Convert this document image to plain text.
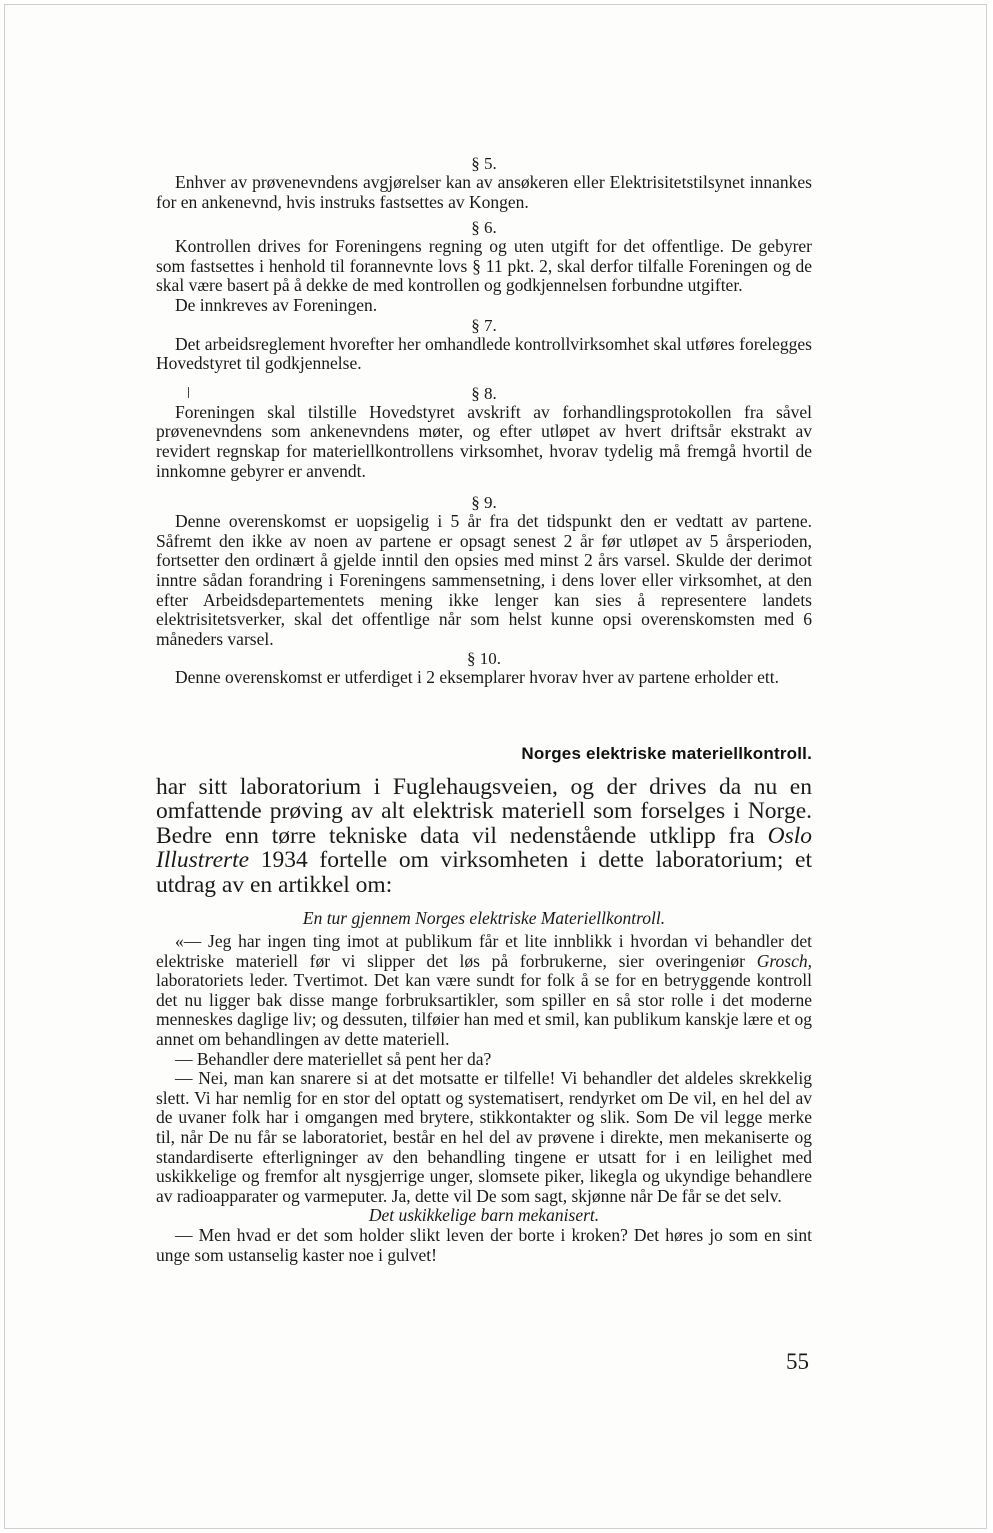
§ 5.

Enhver av prøvenevndens avgjørelser kan av ansøkeren eller Elektrisitetstilsynet innankes for en ankenevnd, hvis instruks fastsettes av Kongen.

§ 6.

Kontrollen drives for Foreningens regning og uten utgift for det offentlige. De gebyrer som fastsettes i henhold til forannevnte lovs § 11 pkt. 2, skal derfor tilfalle Foreningen og de skal være basert på å dekke de med kontrollen og godkjennelsen forbundne utgifter.

De innkreves av Foreningen.

§ 7.

Det arbeidsreglement hvorefter her omhandlede kontrollvirksomhet skal utføres forelegges Hovedstyret til godkjennelse.

§ 8.

Foreningen skal tilstille Hovedstyret avskrift av forhandlingsprotokollen fra såvel prøvenevndens som ankenevndens møter, og efter utløpet av hvert driftsår ekstrakt av revidert regnskap for materiellkontrollens virksomhet, hvorav tydelig må fremgå hvortil de innkomne gebyrer er anvendt.

§ 9.

Denne overenskomst er uopsigelig i 5 år fra det tidspunkt den er vedtatt av partene. Såfremt den ikke av noen av partene er opsagt senest 2 år før utløpet av 5 årsperioden, fortsetter den ordinært å gjelde inntil den opsies med minst 2 års varsel. Skulde der derimot inntre sådan forandring i Foreningens sammensetning, i dens lover eller virksomhet, at den efter Arbeidsdepartementets mening ikke lenger kan sies å representere landets elektrisitetsverker, skal det offentlige når som helst kunne opsi overenskomsten med 6 måneders varsel.

§ 10.

Denne overenskomst er utferdiget i 2 eksemplarer hvorav hver av partene erholder ett.

Norges elektriske materiellkontroll.

har sitt laboratorium i Fuglehaugsveien, og der drives da nu en omfattende prøving av alt elektrisk materiell som forselges i Norge. Bedre enn tørre tekniske data vil nedenstående utklipp fra Oslo Illustrerte 1934 fortelle om virksomheten i dette laboratorium; et utdrag av en artikkel om:

En tur gjennem Norges elektriske Materiellkontroll.

«— Jeg har ingen ting imot at publikum får et lite innblikk i hvordan vi behandler det elektriske materiell før vi slipper det løs på forbrukerne, sier overingeniør Grosch, laboratoriets leder. Tvertimot. Det kan være sundt for folk å se for en betryggende kontroll det nu ligger bak disse mange forbruksartikler, som spiller en så stor rolle i det moderne menneskes daglige liv; og dessuten, tilføier han med et smil, kan publikum kanskje lære et og annet om behandlingen av dette materiell.

— Behandler dere materiellet så pent her da?

— Nei, man kan snarere si at det motsatte er tilfelle! Vi behandler det aldeles skrekkelig slett. Vi har nemlig for en stor del optatt og systematisert, rendyrket om De vil, en hel del av de uvaner folk har i omgangen med brytere, stikkontakter og slik. Som De vil legge merke til, når De nu får se laboratoriet, består en hel del av prøvene i direkte, men mekaniserte og standardiserte efterligninger av den behandling tingene er utsatt for i en leilighet med uskikkelige og fremfor alt nysgjerrige unger, slomsete piker, likegla og ukyndige behandlere av radioapparater og varmeputer. Ja, dette vil De som sagt, skjønne når De får se det selv.

Det uskikkelige barn mekanisert.

— Men hvad er det som holder slikt leven der borte i kroken? Det høres jo som en sint unge som ustanselig kaster noe i gulvet!

55
